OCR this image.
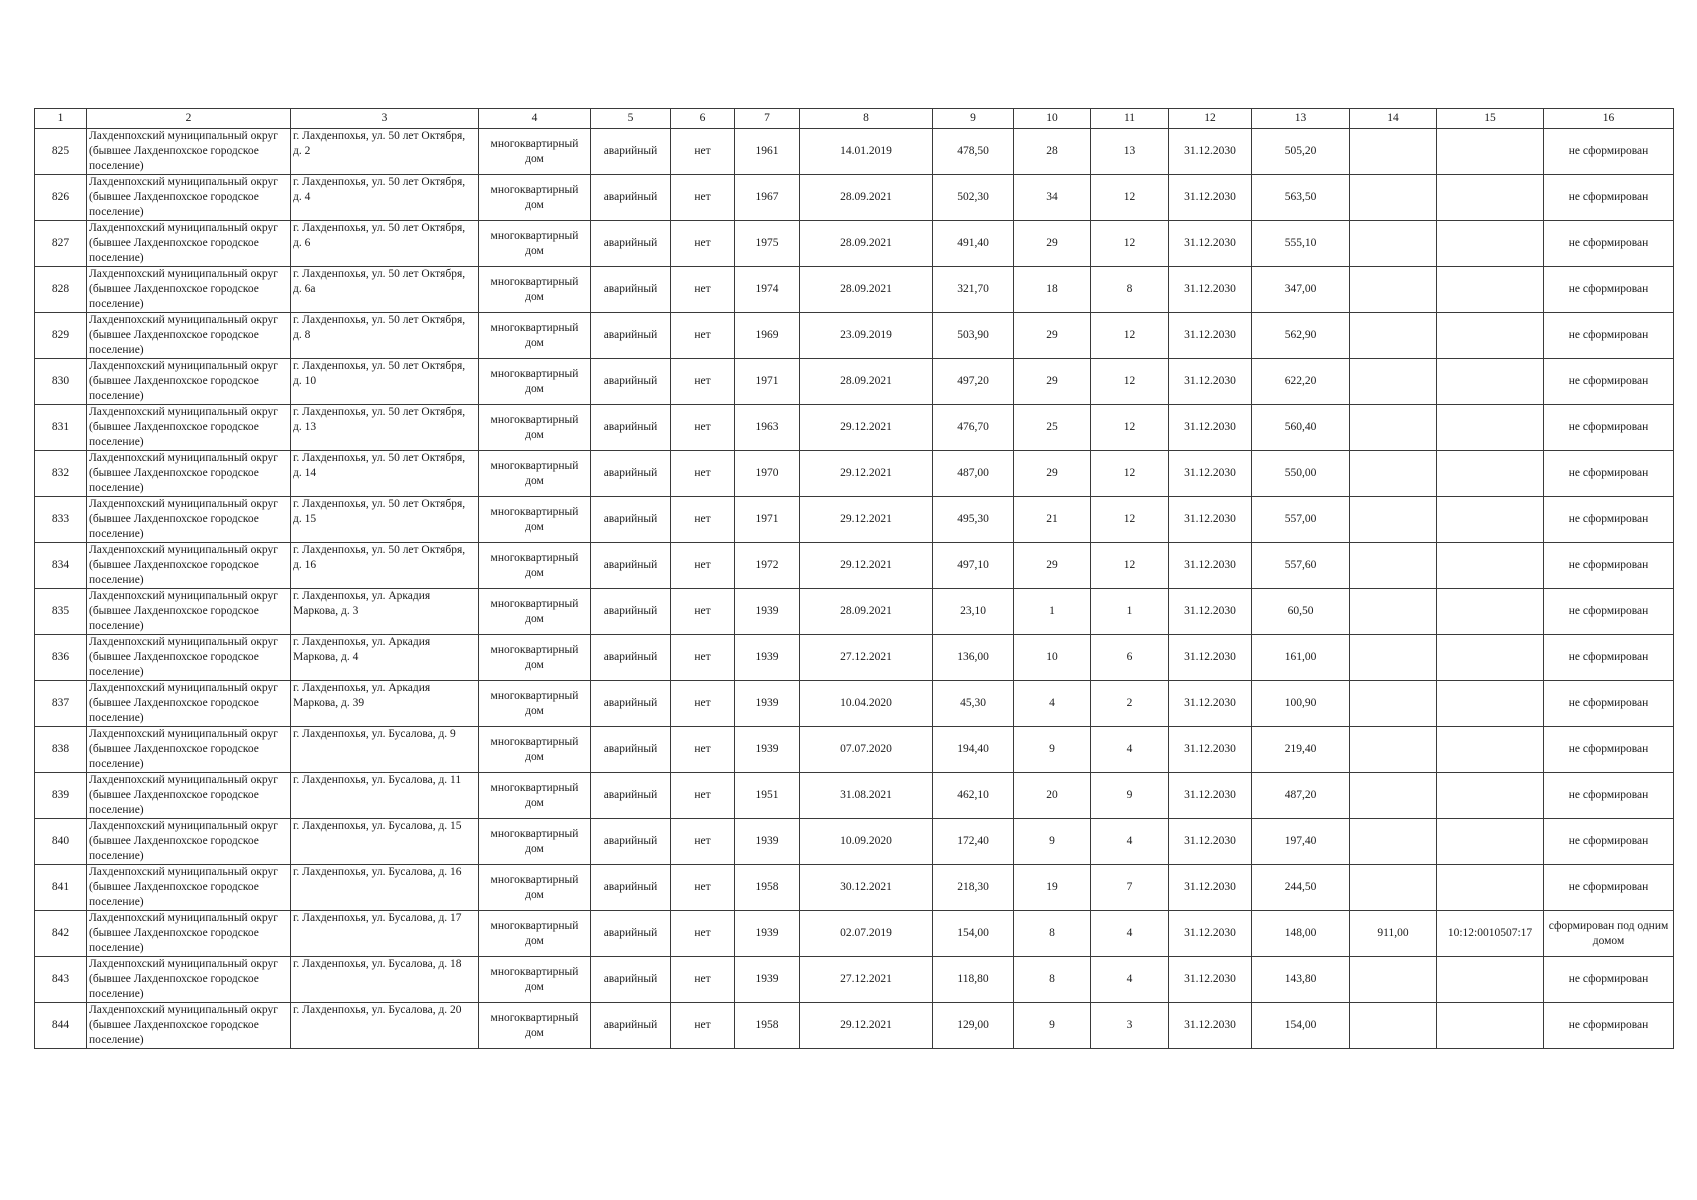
1	2	3	4	5	6	7	8	9	10	11	12	13	14	15	16
825	Лахденпохский муниципальный округ (бывшее Лахденпохское городское поселение)	г. Лахденпохья, ул. 50 лет Октября, д. 2	многоквартирный дом	аварийный	нет	1961	14.01.2019	478,50	28	13	31.12.2030	505,20			не сформирован
826	Лахденпохский муниципальный округ (бывшее Лахденпохское городское поселение)	г. Лахденпохья, ул. 50 лет Октября, д. 4	многоквартирный дом	аварийный	нет	1967	28.09.2021	502,30	34	12	31.12.2030	563,50			не сформирован
827	Лахденпохский муниципальный округ (бывшее Лахденпохское городское поселение)	г. Лахденпохья, ул. 50 лет Октября, д. 6	многоквартирный дом	аварийный	нет	1975	28.09.2021	491,40	29	12	31.12.2030	555,10			не сформирован
828	Лахденпохский муниципальный округ (бывшее Лахденпохское городское поселение)	г. Лахденпохья, ул. 50 лет Октября, д. 6а	многоквартирный дом	аварийный	нет	1974	28.09.2021	321,70	18	8	31.12.2030	347,00			не сформирован
829	Лахденпохский муниципальный округ (бывшее Лахденпохское городское поселение)	г. Лахденпохья, ул. 50 лет Октября, д. 8	многоквартирный дом	аварийный	нет	1969	23.09.2019	503,90	29	12	31.12.2030	562,90			не сформирован
830	Лахденпохский муниципальный округ (бывшее Лахденпохское городское поселение)	г. Лахденпохья, ул. 50 лет Октября, д. 10	многоквартирный дом	аварийный	нет	1971	28.09.2021	497,20	29	12	31.12.2030	622,20			не сформирован
831	Лахденпохский муниципальный округ (бывшее Лахденпохское городское поселение)	г. Лахденпохья, ул. 50 лет Октября, д. 13	многоквартирный дом	аварийный	нет	1963	29.12.2021	476,70	25	12	31.12.2030	560,40			не сформирован
832	Лахденпохский муниципальный округ (бывшее Лахденпохское городское поселение)	г. Лахденпохья, ул. 50 лет Октября, д. 14	многоквартирный дом	аварийный	нет	1970	29.12.2021	487,00	29	12	31.12.2030	550,00			не сформирован
833	Лахденпохский муниципальный округ (бывшее Лахденпохское городское поселение)	г. Лахденпохья, ул. 50 лет Октября, д. 15	многоквартирный дом	аварийный	нет	1971	29.12.2021	495,30	21	12	31.12.2030	557,00			не сформирован
834	Лахденпохский муниципальный округ (бывшее Лахденпохское городское поселение)	г. Лахденпохья, ул. 50 лет Октября, д. 16	многоквартирный дом	аварийный	нет	1972	29.12.2021	497,10	29	12	31.12.2030	557,60			не сформирован
835	Лахденпохский муниципальный округ (бывшее Лахденпохское городское поселение)	г. Лахденпохья, ул. Аркадия Маркова, д. 3	многоквартирный дом	аварийный	нет	1939	28.09.2021	23,10	1	1	31.12.2030	60,50			не сформирован
836	Лахденпохский муниципальный округ (бывшее Лахденпохское городское поселение)	г. Лахденпохья, ул. Аркадия Маркова, д. 4	многоквартирный дом	аварийный	нет	1939	27.12.2021	136,00	10	6	31.12.2030	161,00			не сформирован
837	Лахденпохский муниципальный округ (бывшее Лахденпохское городское поселение)	г. Лахденпохья, ул. Аркадия Маркова, д. 39	многоквартирный дом	аварийный	нет	1939	10.04.2020	45,30	4	2	31.12.2030	100,90			не сформирован
838	Лахденпохский муниципальный округ (бывшее Лахденпохское городское поселение)	г. Лахденпохья, ул. Бусалова, д. 9	многоквартирный дом	аварийный	нет	1939	07.07.2020	194,40	9	4	31.12.2030	219,40			не сформирован
839	Лахденпохский муниципальный округ (бывшее Лахденпохское городское поселение)	г. Лахденпохья, ул. Бусалова, д. 11	многоквартирный дом	аварийный	нет	1951	31.08.2021	462,10	20	9	31.12.2030	487,20			не сформирован
840	Лахденпохский муниципальный округ (бывшее Лахденпохское городское поселение)	г. Лахденпохья, ул. Бусалова, д. 15	многоквартирный дом	аварийный	нет	1939	10.09.2020	172,40	9	4	31.12.2030	197,40			не сформирован
841	Лахденпохский муниципальный округ (бывшее Лахденпохское городское поселение)	г. Лахденпохья, ул. Бусалова, д. 16	многоквартирный дом	аварийный	нет	1958	30.12.2021	218,30	19	7	31.12.2030	244,50			не сформирован
842	Лахденпохский муниципальный округ (бывшее Лахденпохское городское поселение)	г. Лахденпохья, ул. Бусалова, д. 17	многоквартирный дом	аварийный	нет	1939	02.07.2019	154,00	8	4	31.12.2030	148,00	911,00	10:12:0010507:17	сформирован под одним домом
843	Лахденпохский муниципальный округ (бывшее Лахденпохское городское поселение)	г. Лахденпохья, ул. Бусалова, д. 18	многоквартирный дом	аварийный	нет	1939	27.12.2021	118,80	8	4	31.12.2030	143,80			не сформирован
844	Лахденпохский муниципальный округ (бывшее Лахденпохское городское поселение)	г. Лахденпохья, ул. Бусалова, д. 20	многоквартирный дом	аварийный	нет	1958	29.12.2021	129,00	9	3	31.12.2030	154,00			не сформирован
